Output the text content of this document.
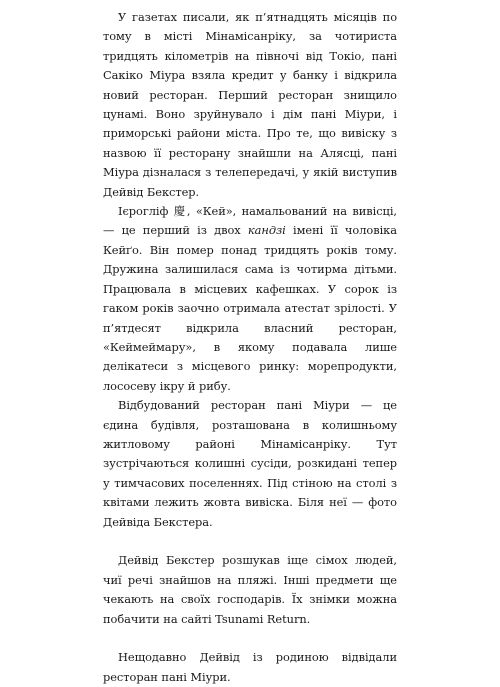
У газетах писали, як п’ятнадцять місяців по тому в місті Мінамісанріку, за чотириста тридцять кілометрів на півночі від Токіо, пані Сакіко Міура взяла кредит у банку і відкрила новий ресторан. Перший ресторан знищило цунамі. Воно зруйнувало і дім пані Міури, і приморські райони міста. Про те, що вивіску з назвою її ресторану знайшли на Алясці, пані Міура дізналася з телепередачі, у якій виступив Дейвід Бекстер.

Ієрогліф 慶, «Кей», намальований на вивісці, — це перший із двох кандзі імені її чоловіка Кейґо. Він помер понад тридцять років тому. Дружина залишилася сама із чотирма дітьми. Працювала в місцевих кафешках. У сорок із гаком років заочно отримала атестат зрілості. У п’ятдесят відкрила власний ресторан, «Кеймеймару», в якому подавала лише делікатеси з місцевого ринку: морепродукти, лососеву ікру й рибу.

Відбудований ресторан пані Міури — це єдина будівля, розташована в колишньому житловому районі Мінамісанріку. Тут зустрічаються колишні сусіди, розкидані тепер у тимчасових поселеннях. Під стіною на столі з квітами лежить жовта вивіска. Біля неї — фото Дейвіда Бекстера.

Дейвід Бекстер розшукав іще сімох людей, чиї речі знайшов на пляжі. Інші предмети ще чекають на своїх господарів. Їх знімки можна побачити на сайті Tsunami Return.

Нещодавно Дейвід із родиною відвідали ресторан пані Міури.
